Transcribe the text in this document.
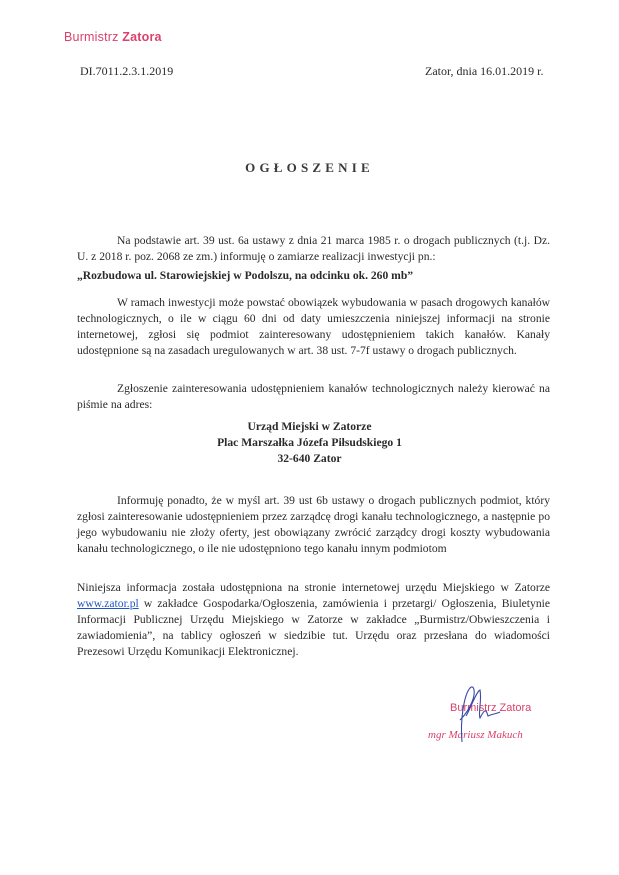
Burmistrz Zatora
DI.7011.2.3.1.2019	Zator, dnia 16.01.2019 r.
OGŁOSZENIE
Na podstawie art. 39 ust. 6a ustawy z dnia 21 marca 1985 r. o drogach publicznych (t.j. Dz. U. z 2018 r. poz. 2068 ze zm.) informuję o zamiarze realizacji inwestycji pn.:
„Rozbudowa ul. Starowiejskiej w Podolszu, na odcinku ok. 260 mb”
W ramach inwestycji może powstać obowiązek wybudowania w pasach drogowych kanałów technologicznych, o ile w ciągu 60 dni od daty umieszczenia niniejszej informacji na stronie internetowej, zgłosi się podmiot zainteresowany udostępnieniem takich kanałów. Kanały udostępnione są na zasadach uregulowanych w art. 38 ust. 7-7f ustawy o drogach publicznych.
Zgłoszenie zainteresowania udostępnieniem kanałów technologicznych należy kierować na piśmie na adres:
Urząd Miejski w Zatorze
Plac Marszałka Józefa Piłsudskiego 1
32-640 Zator
Informuję ponadto, że w myśl art. 39 ust 6b ustawy o drogach publicznych podmiot, który zgłosi zainteresowanie udostępnieniem przez zarządcę drogi kanału technologicznego, a następnie po jego wybudowaniu nie złoży oferty, jest obowiązany zwrócić zarządcy drogi koszty wybudowania kanału technologicznego, o ile nie udostępniono tego kanału innym podmiotom
Niniejsza informacja została udostępniona na stronie internetowej urzędu Miejskiego w Zatorze www.zator.pl w zakładce Gospodarka/Ogłoszenia, zamówienia i przetargi/ Ogłoszenia, Biuletynie Informacji Publicznej Urzędu Miejskiego w Zatorze w zakładce „Burmistrz/Obwieszczenia i zawiadomienia”, na tablicy ogłoszeń w siedzibie tut. Urzędu oraz przesłana do wiadomości Prezesowi Urzędu Komunikacji Elektronicznej.
Burmistrz Zatora
mgr Mariusz Makuch
